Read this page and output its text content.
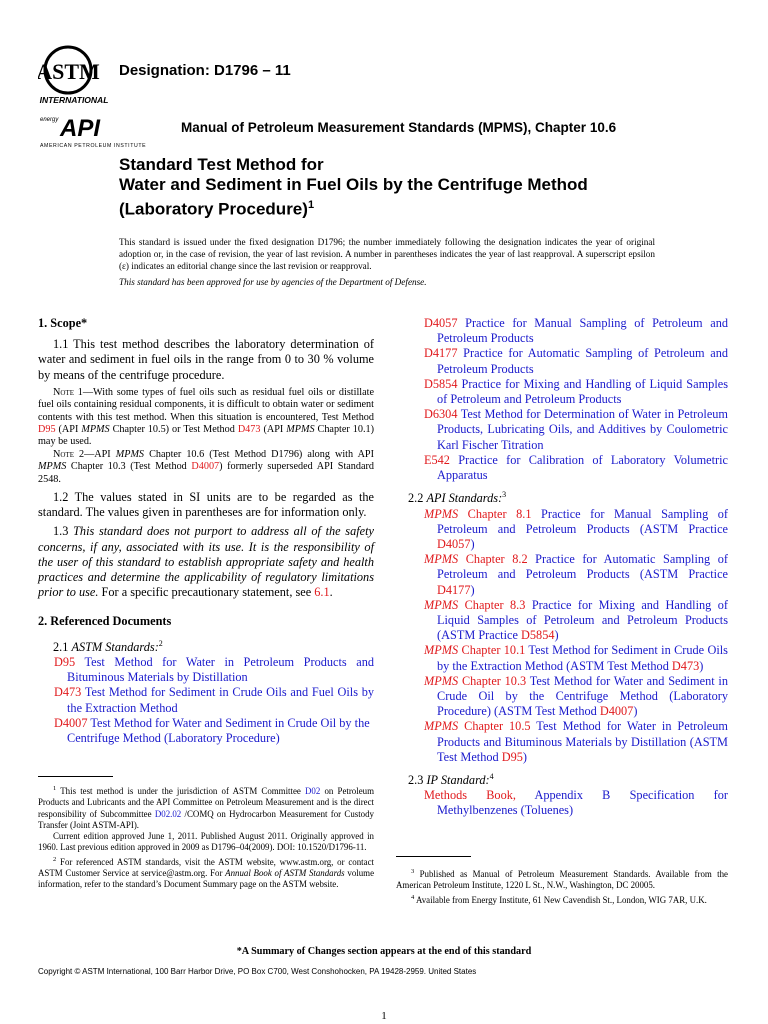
ASTM
INTERNATIONAL
Designation: D1796 – 11
energy API
AMERICAN PETROLEUM INSTITUTE
Manual of Petroleum Measurement Standards (MPMS), Chapter 10.6
Standard Test Method for
Water and Sediment in Fuel Oils by the Centrifuge Method
(Laboratory Procedure)$^1$
This standard is issued under the fixed designation D1796; the number immediately following the designation indicates the year of original adoption or, in the case of revision, the year of last revision. A number in parentheses indicates the year of last reapproval. A superscript epsilon (ε) indicates an editorial change since the last revision or reapproval.
This standard has been approved for use by agencies of the Department of Defense.

1. Scope*

1.1 This test method describes the laboratory determination of water and sediment in fuel oils in the range from 0 to 30 % volume by means of the centrifuge procedure.

Note 1—With some types of fuel oils such as residual fuel oils or distillate fuel oils containing residual components, it is difficult to obtain water or sediment contents with this test method. When this situation is encountered, Test Method D95 (API MPMS Chapter 10.5) or Test Method D473 (API MPMS Chapter 10.1) may be used.

Note 2—API MPMS Chapter 10.6 (Test Method D1796) along with API MPMS Chapter 10.3 (Test Method D4007) formerly superseded API Standard 2548.

1.2 The values stated in SI units are to be regarded as the standard. The values given in parentheses are for information only.

1.3 This standard does not purport to address all of the safety concerns, if any, associated with its use. It is the responsibility of the user of this standard to establish appropriate safety and health practices and determine the applicability of regulatory limitations prior to use. For a specific precautionary statement, see 6.1.

2. Referenced Documents

2.1 ASTM Standards:$^2$

D95 Test Method for Water in Petroleum Products and Bituminous Materials by Distillation

D473 Test Method for Sediment in Crude Oils and Fuel Oils by the Extraction Method

D4007 Test Method for Water and Sediment in Crude Oil by the Centrifuge Method (Laboratory Procedure)

D4057 Practice for Manual Sampling of Petroleum and Petroleum Products

D4177 Practice for Automatic Sampling of Petroleum and Petroleum Products

D5854 Practice for Mixing and Handling of Liquid Samples of Petroleum and Petroleum Products

D6304 Test Method for Determination of Water in Petroleum Products, Lubricating Oils, and Additives by Coulometric Karl Fischer Titration

E542 Practice for Calibration of Laboratory Volumetric Apparatus

2.2 API Standards:$^3$

MPMS Chapter 8.1 Practice for Manual Sampling of Petroleum and Petroleum Products (ASTM Practice D4057)

MPMS Chapter 8.2 Practice for Automatic Sampling of Petroleum and Petroleum Products (ASTM Practice D4177)

MPMS Chapter 8.3 Practice for Mixing and Handling of Liquid Samples of Petroleum and Petroleum Products (ASTM Practice D5854)

MPMS Chapter 10.1 Test Method for Sediment in Crude Oils by the Extraction Method (ASTM Test Method D473)

MPMS Chapter 10.3 Test Method for Water and Sediment in Crude Oil by the Centrifuge Method (Laboratory Procedure) (ASTM Test Method D4007)

MPMS Chapter 10.5 Test Method for Water in Petroleum Products and Bituminous Materials by Distillation (ASTM Test Method D95)

2.3 IP Standard:$^4$

Methods Book, Appendix B Specification for Methylbenzenes (Toluenes)

$^1$ This test method is under the jurisdiction of ASTM Committee D02 on Petroleum Products and Lubricants and the API Committee on Petroleum Measurement and is the direct responsibility of Subcommittee D02.02 /COMQ on Hydrocarbon Measurement for Custody Transfer (Joint ASTM-API).

Current edition approved June 1, 2011. Published August 2011. Originally approved in 1960. Last previous edition approved in 2009 as D1796–04(2009). DOI: 10.1520/D1796-11.

$^2$ For referenced ASTM standards, visit the ASTM website, www.astm.org, or contact ASTM Customer Service at service@astm.org. For Annual Book of ASTM Standards volume information, refer to the standard’s Document Summary page on the ASTM website.

$^3$ Published as Manual of Petroleum Measurement Standards. Available from the American Petroleum Institute, 1220 L St., N.W., Washington, DC 20005.

$^4$ Available from Energy Institute, 61 New Cavendish St., London, WIG 7AR, U.K.

*A Summary of Changes section appears at the end of this standard
Copyright © ASTM International, 100 Barr Harbor Drive, PO Box C700, West Conshohocken, PA 19428-2959. United States
1
